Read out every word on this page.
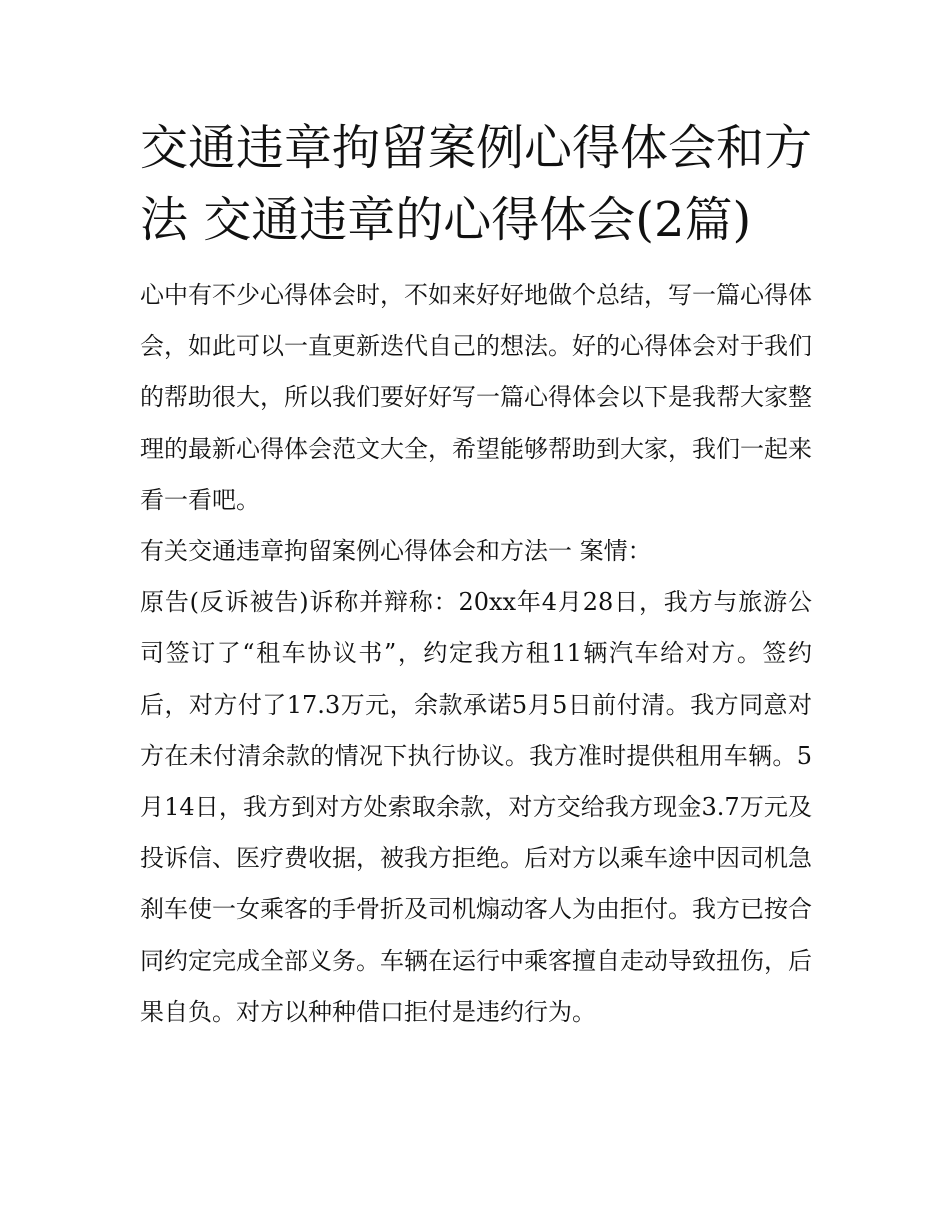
交通违章拘留案例心得体会和方法 交通违章的心得体会(2篇)

心中有不少心得体会时，不如来好好地做个总结，写一篇心得体会，如此可以一直更新迭代自己的想法。好的心得体会对于我们的帮助很大，所以我们要好好写一篇心得体会以下是我帮大家整理的最新心得体会范文大全，希望能够帮助到大家，我们一起来看一看吧。

有关交通违章拘留案例心得体会和方法一 案情：

原告(反诉被告)诉称并辩称：20xx年4月28日，我方与旅游公司签订了“租车协议书”，约定我方租11辆汽车给对方。签约后，对方付了17.3万元，余款承诺5月5日前付清。我方同意对方在未付清余款的情况下执行协议。我方准时提供租用车辆。5月14日，我方到对方处索取余款，对方交给我方现金3.7万元及投诉信、医疗费收据，被我方拒绝。后对方以乘车途中因司机急刹车使一女乘客的手骨折及司机煽动客人为由拒付。我方已按合同约定完成全部义务。车辆在运行中乘客擅自走动导致扭伤，后果自负。对方以种种借口拒付是违约行为。
